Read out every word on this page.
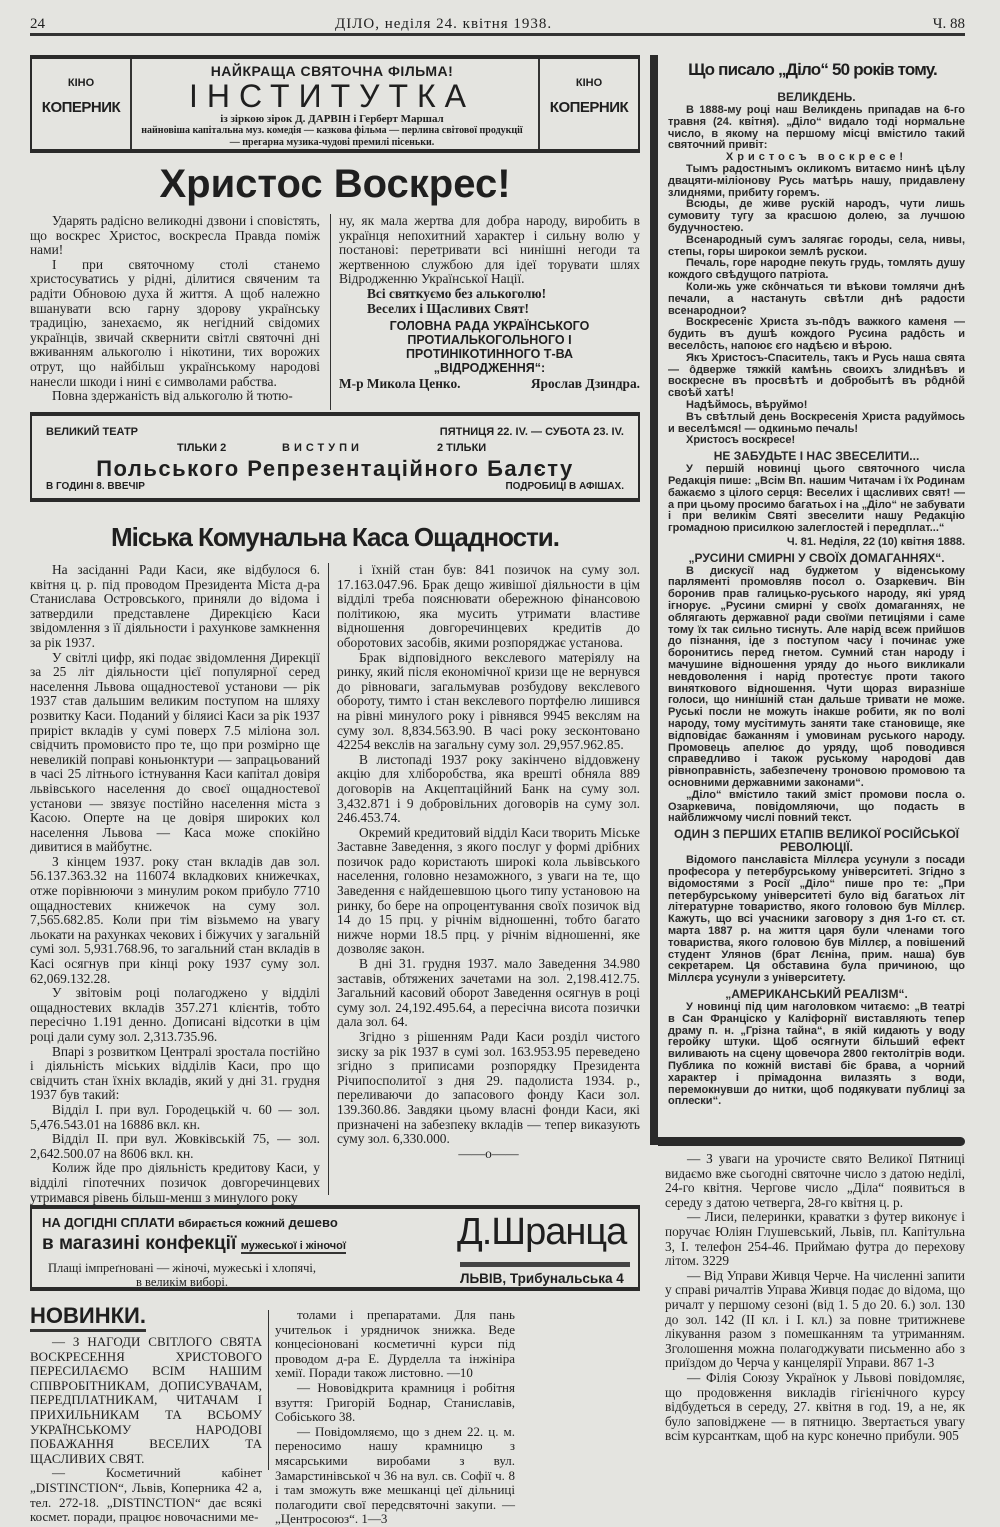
24	ДІЛО, неділя 24. квітня 1938.	Ч. 88
КІНО
КОПЕРНИК
НАЙКРАЩА СВЯТОЧНА ФІЛЬМА!
ІНСТИТУТКА
із зіркою зірок Д. ДАРВІН і Герберт Маршал
найновіша капітальна муз. комедія — казкова фільма — перлина світової продукції — прегарна музика-чудові премилі пісеньки.
КІНО
КОПЕРНИК
Христос Воскрес!

Ударять радісно великодні дзвони і сповістять, що воскрес Христос, воскресла Правда поміж нами!

І при святочному столі станемо христосуватись у рідні, ділитися свяченим та радіти Обновою духа й життя. А щоб належно вшанувати всю гарну здорову українську традицію, занехаємо, як негідний свідомих українців, звичай сквернити світлі святочні дні вживанням алькоголю і нікотини, тих ворожих отрут, що найбільш українському народові нанесли шкоди і нині є символами рабства.

Повна здержаність від алькоголю й тютю-

ну, як мала жертва для добра народу, виробить в українця непохитний характер і сильну волю у постанові: перетривати всі нинішні негоди та жертвенною службою для ідеї торувати шлях Відродженню Української Нації.

Всі святкуємо без алькоголю!
Веселих і Щасливих Свят!
ГОЛОВНА РАДА УКРАЇНСЬКОГО ПРОТИАЛЬКОГОЛЬНОГО І ПРОТИНІКОТИННОГО Т-ВА „ВІДРОДЖЕННЯ“:
М-р Микола Ценко.	Ярослав Дзиндра.
ВЕЛИКИЙ ТЕАТР	ПЯТНИЦЯ 22. IV. — СУБОТА 23. IV.
ТІЛЬКИ 2	ВИСТУПИ	2 ТІЛЬКИ
Польського Репрезентаційного Балєту
В ГОДИНІ 8. ВВЕЧІР	ПОДРОБИЦІ В АФІШАХ.
Міська Комунальна Каса Ощадности.

На засіданні Ради Каси, яке відбулося 6. квітня ц. р. під проводом Президента Міста д-ра Станислава Островського, приняли до відома і затвердили представлене Дирекцією Каси звідомлення з її діяльности і рахункове замкнення за рік 1937.

У світлі цифр, які подає звідомлення Дирекції за 25 літ діяльности цієї популярної серед населення Львова ощадностевої установи — рік 1937 став дальшим великим поступом на шляху розвитку Каси. Поданий у біляисі Каси за рік 1937 приріст вкладів у сумі поверх 7.5 міліона зол. свідчить промовисто про те, що при розмірно ще невеликій поправі коньюнктури — запрацьований в часі 25 літнього істнування Каси капітал довіря львівського населення до своєї ощадностевої установи — звязує постійно населення міста з Касою. Оперте на це довіря широких кол населення Львова — Каса може спокійно дивитися в майбутнє.

З кінцем 1937. року стан вкладів дав зол. 56.137.363.32 на 116074 вкладкових книжечках, отже порівнюючи з минулим роком прибуло 7710 ощадностевих книжечок на суму зол. 7,565.682.85. Коли при тім візьмемо на увагу льокати на рахунках чекових і біжучих у загальній сумі зол. 5,931.768.96, то загальний стан вкладів в Касі осягнув при кінці року 1937 суму зол. 62,069.132.28.

У звітовім році полагоджено у відділі ощадностевих вкладів 357.271 клієнтів, тобто пересічно 1.191 денно. Дописані відсотки в цім році дали суму зол. 2,313.735.96.

Впарі з розвитком Централі зростала постійно і діяльність міських відділів Каси, про що свідчить стан їхніх вкладів, який у дні 31. грудня 1937 був такий:

Відділ І. при вул. Городецькій ч. 60 — зол. 5,476.543.01 на 16886 вкл. кн.

Відділ ІІ. при вул. Жовківській 75, — зол. 2,642.500.07 на 8606 вкл. кн.

Колиж йде про діяльність кредитову Каси, у відділі гіпотечних позичок довгоречинцевих утримався рівень більш-менш з минулого року

і їхній стан був: 841 позичок на суму зол. 17.163.047.96. Брак дещо живішої діяльности в цім відділі треба пояснювати обережною фінансовою політикою, яка мусить утримати властиве відношення довгоречинцевих кредитів до оборотових засобів, якими розпоряджає установа.

Брак відповідного векслевого матеріялу на ринку, який після економічної кризи ще не вернувся до рівноваги, загальмував розбудову векслевого обороту, тимто і стан векслевого портфелю лишився на рівні минулого року і рівнявся 9945 векслям на суму зол. 8,834.563.90. В часі року зесконтовано 42254 векслів на загальну суму зол. 29,957.962.85.

В листопаді 1937 року закінчено віддовжену акцію для хліборобства, яка врешті обняла 889 договорів на Акцептаційний Банк на суму зол. 3,432.871 і 9 добровільних договорів на суму зол. 246.453.74.

Окремий кредитовий відділ Каси творить Міське Заставне Заведення, з якого послуг у формі дрібних позичок радо користають широкі кола львівського населення, головно незаможного, з уваги на те, що Заведення є найдешевшою цього типу установою на ринку, бо бере на опроцентування своїх позичок від 14 до 15 прц. у річнім відношенні, тобто багато нижче норми 18.5 прц. у річнім відношенні, яке дозволяє закон.

В дні 31. грудня 1937. мало Заведення 34.980 заставів, обтяжених зачетами на зол. 2,198.412.75. Загальний касовий оборот Заведення осягнув в році суму зол. 24,192.495.64, а пересічна висота позички дала зол. 64.

Згідно з рішенням Ради Каси розділ чистого зиску за рік 1937 в сумі зол. 163.953.95 переведено згідно з приписами розпорядку Президента Річипосполитої з дня 29. падолиста 1934. р., переливаючи до запасового фонду Каси зол. 139.360.86. Завдяки цьому власні фонди Каси, які призначені на забезпеку вкладів — тепер виказують суму зол. 6,330.000.

——o——
НА ДОГІДНІ СПЛАТИ вбирається кожний дешево
в магазині конфекції мужеської і жіночої
Плащі імпреґновані — жіночі, мужеські і хлопячі,
в великім виборі.
Д.Шранца
ЛЬВІВ, Трибунальська 4
НОВИНКИ.

— З НАГОДИ СВІТЛОГО СВЯТА ВОСКРЕСЕННЯ ХРИСТОВОГО ПЕРЕСИЛАЄМО ВСІМ НАШИМ СПІВРОБІТНИКАМ, ДОПИСУВАЧАМ, ПЕРЕДПЛАТНИКАМ, ЧИТАЧАМ І ПРИХИЛЬНИКАМ ТА ВСЬОМУ УКРАЇНСЬКОМУ НАРОДОВІ ПОБАЖАННЯ ВЕСЕЛИХ ТА ЩАСЛИВИХ СВЯТ.

— Косметичний кабінет „DISTINCTION“, Львів, Коперника 42 а, тел. 272-18. „DISTINCTION“ дає всякі космет. поради, працює новочасними ме-

толами і препаратами. Для пань учительок і урядничок знижка. Веде концесіоновані косметичні курси під проводом д-ра Е. Дурделла та інжініра хемії. Поради також листовно. —10

— Нововідкрита крамниця і робітня взуття: Григорій Боднар, Станиславів, Собіського 38.

— Повідомляємо, що з днем 22. ц. м. переносимо нашу крамницю з мясарськими виробами з вул. Замарстинівської ч 36 на вул. св. Софії ч. 8 і там зможуть вже мешканці цеї дільниці полагодити свої передсвяточні закупи. — „Центросоюз“. 1—3

Що писало „Діло“ 50 років тому.
ВЕЛИКДЕНЬ.

В 1888-му році наш Великдень припадав на 6-го травня (24. квітня). „Діло“ видало тоді нормальне число, в якому на першому місці вмістило такий святочний привіт:

Христосъ воскресе!

Тымъ радостнымъ окликомъ витаємо нинѣ цѣлу двацяти-міліонову Русь матѣрь нашу, придавлену злиднями, прибиту горемъ.

Всюды, де живе рускій народъ, чути лишь сумовиту тугу за красшою долею, за лучшою будучностею.

Всенародный сумъ залягає городы, села, нивы, степы, горы широкои землѣ рускои.

Печаль, горе народне пекуть грудь, томлять душу кождого свѣдущого патріота.

Коли-жь уже скôнчаться ти вѣкови томлячи днѣ печали, а настануть свѣтли днѣ радости всенароднои?

Воскресеніє Христа зъ-пôдъ важкого каменя — будить въ душѣ кождого Русина радôсть и веселôсть, напоює єго надѣєю и вѣрою.

Якъ Христосъ-Спаситель, такъ и Русь наша свята — ôдверже тяжкій камѣнь своихъ злиднѣвъ и воскресне въ просвѣтѣ и добробытѣ въ рôднôй своѣй хатѣ!

Надѣймось, вѣруймо!

Въ свѣтлый день Воскресенія Христа радуймось и веселѣмся! — одкиньмо печаль!

Христосъ воскресе!

НЕ ЗАБУДЬТЕ І НАС ЗВЕСЕЛИТИ...

У першій новинці цього святочного числа Редакція пише: „Всім Вп. нашим Читачам і їх Родинам бажаємо з цілого серця: Веселих і щасливих свят! — а при цьому просимо багатьох і на „Діло“ не забувати і при великім Святі звеселити нашу Редакцію громадною присилкою залеглостей і передплат...“

Ч. 81. Неділя, 22 (10) квітня 1888.
„РУСИНИ СМИРНІ У СВОЇХ ДОМАГАННЯХ“.

В дискусії над буджетом у віденському парляменті промовляв посол о. Озаркевич. Він боронив прав галицько-руського народу, які уряд ігнорує. „Русини смирні у своїх домаганнях, не облягають державної ради своїми петиціями і саме тому їх так сильно тиснуть. Але нарід всеж прийшов до пізнання, іде з поступом часу і починає уже боронитись перед гнетом. Сумний стан народу і мачушине відношення уряду до нього викликали невдоволення і нарід протестує проти такого виняткового відношення. Чути щораз виразніше голоси, що нинішній стан дальше тривати не може. Руські посли не можуть інакше робити, як по волі народу, тому мусітимуть заняти таке становище, яке відповідає бажанням і умовинам руського народу. Промовець апелює до уряду, щоб поводився справедливо і також руському народові дав рівноправність, забезпечену троновою промовою та основними державними законами“.

„Діло“ вмістило такий зміст промови посла о. Озаркевича, повідомляючи, що подасть в найближчому числі повний текст.

ОДИН З ПЕРШИХ ЕТАПІВ ВЕЛИКОЇ РОСІЙСЬКОЇ РЕВОЛЮЦІЇ.

Відомого панславіста Міллєра усунули з посади професора у петербурському університеті. Згідно з відомостями з Росії „Діло“ пише про те: „При петербурському університеті було від багатьох літ літературне товариство, якого головою був Міллєр. Кажуть, що всі учасники заговору з дня 1-го ст. ст. марта 1887 р. на життя царя були членами того товариства, якого головою був Міллєр, а повішений студент Улянов (брат Лєніна, прим. наша) був секретарем. Ця обставина була причиною, що Міллєра усунули з університету.

„АМЕРИКАНСЬКИЙ РЕАЛІЗМ“.

У новинці під цим наголовком читаємо: „В театрі в Сан Франціско у Каліфорнії виставляють тепер драму п. н. „Грізна тайна“, в якій кидають у воду геройку штуки. Щоб осягнути більший ефект виливають на сцену щовечора 2800 гектолітрів води. Публика по кожній виставі біє брава, а чорний характер і прімадонна вилазять з води, перемокнувши до нитки, щоб подякувати публиці за оплески“.

— З уваги на урочисте свято Великої Пятниці видаємо вже сьогодні святочне число з датою неділі, 24-го квітня. Чергове число „Діла“ появиться в середу з датою четверга, 28-го квітня ц. р.

— Лиси, пелеринки, краватки з футер виконує і поручає Юліян Глушевський, Львів, пл. Капітульна 3, І. телефон 254-46. Приймаю футра до перехову літом. 3229

— Від Управи Живця Черче. На численні запити у справі ричалтів Управа Живця подає до відома, що ричалт у першому сезоні (від 1. 5 до 20. 6.) зол. 130 до зол. 142 (ІІ кл. і І. кл.) за повне тритижневе лікування разом з помешканням та утриманням. Зголошення можна полагоджувати письменно або з приїздом до Черча у канцелярії Управи. 867 1-3

— Філія Союзу Українок у Львові повідомляє, що продовження викладів гігієнічного курсу відбудеться в середу, 27. квітня в год. 19, а не, як було заповіджене — в пятницю. Звертається увагу всім курсанткам, щоб на курс конечно прибули. 905
